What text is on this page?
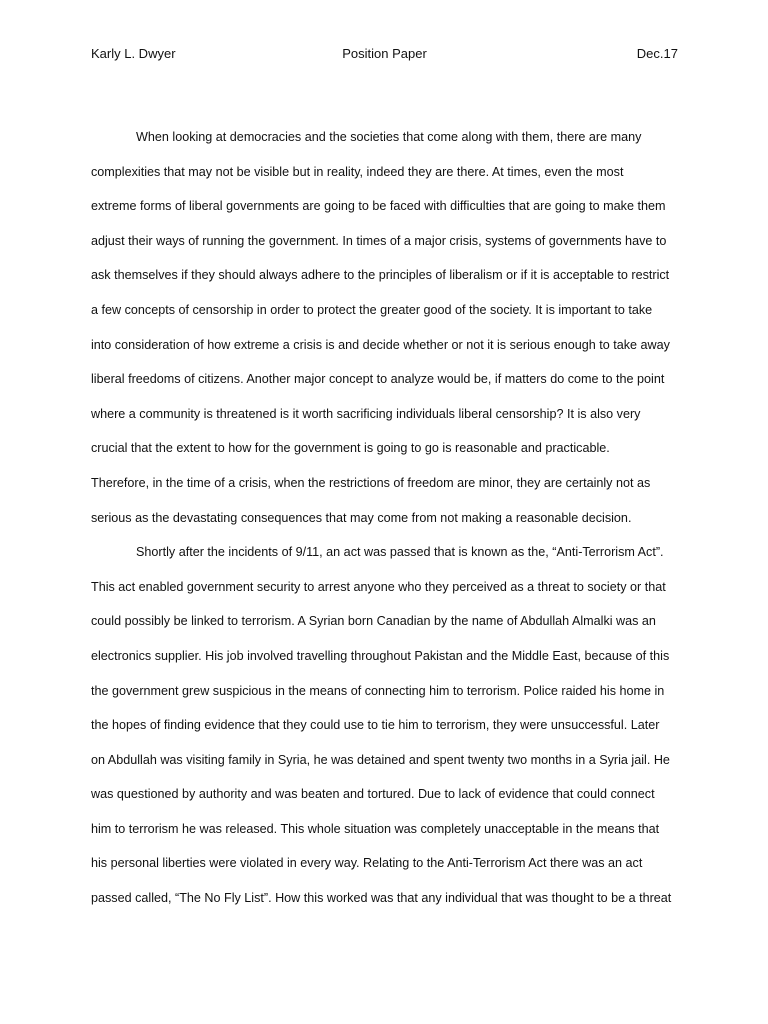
Karly L. Dwyer	Position Paper	Dec.17
When looking at democracies and the societies that come along with them, there are many
complexities that may not be visible but in reality, indeed they are there. At times, even the most
extreme forms of liberal governments are going to be faced with difficulties that are going to make them
adjust their ways of running the government. In times of a major crisis, systems of governments have to
ask themselves if they should always adhere to the principles of liberalism or if it is acceptable to restrict
a few concepts of censorship in order to protect the greater good of the society. It is important to take
into consideration of how extreme a crisis is and decide whether or not it is serious enough to take away
liberal freedoms of citizens. Another major concept to analyze would be, if matters do come to the point
where a community is threatened is it worth sacrificing individuals liberal censorship? It is also very
crucial that the extent to how for the government is going to go is reasonable and practicable.
Therefore, in the time of a crisis, when the restrictions of freedom are minor, they are certainly not as
serious as the devastating consequences that may come from not making a reasonable decision.
Shortly after the incidents of 9/11, an act was passed that is known as the, “Anti-Terrorism Act”.
This act enabled government security to arrest anyone who they perceived as a threat to society or that
could possibly be linked to terrorism. A Syrian born Canadian by the name of Abdullah Almalki was an
electronics supplier. His job involved travelling throughout Pakistan and the Middle East, because of this
the government grew suspicious in the means of connecting him to terrorism. Police raided his home in
the hopes of finding evidence that they could use to tie him to terrorism, they were unsuccessful. Later
on Abdullah was visiting family in Syria, he was detained and spent twenty two months in a Syria jail. He
was questioned by authority and was beaten and tortured. Due to lack of evidence that could connect
him to terrorism he was released. This whole situation was completely unacceptable in the means that
his personal liberties were violated in every way. Relating to the Anti-Terrorism Act there was an act
passed called, “The No Fly List”. How this worked was that any individual that was thought to be a threat
